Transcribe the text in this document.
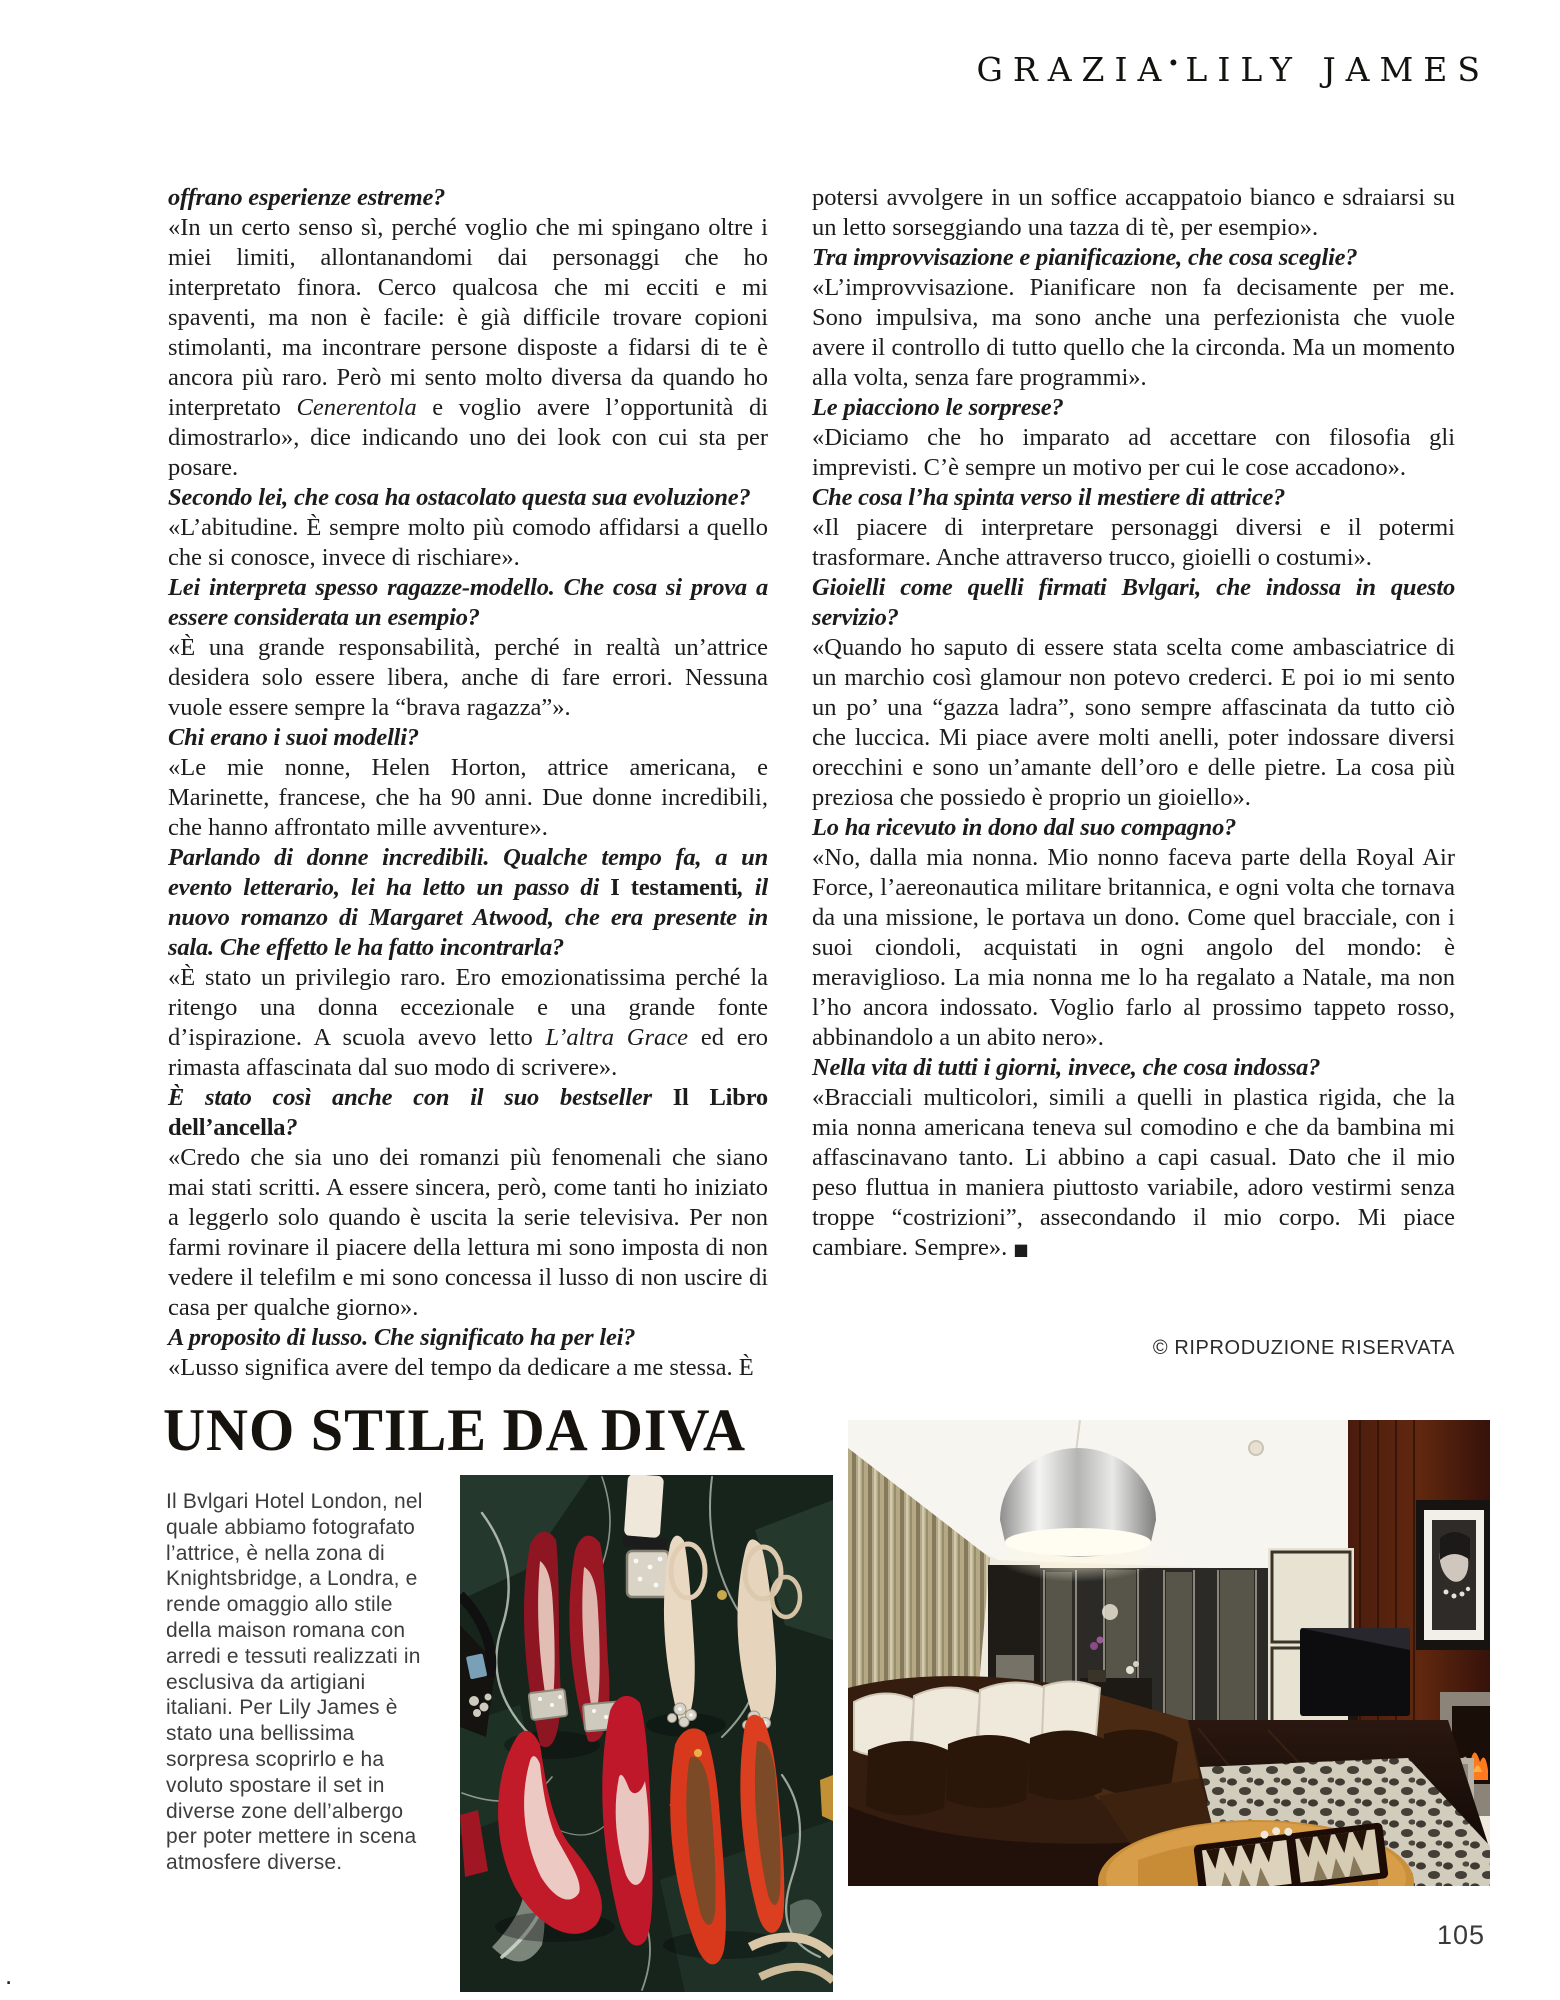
GRAZIA• LILY JAMES

offrano esperienze estreme?

«In un certo senso sì, perché voglio che mi spingano oltre i miei limiti, allontanandomi dai personaggi che ho interpretato finora. Cerco qualcosa che mi ecciti e mi spaventi, ma non è facile: è già difficile trovare copioni stimolanti, ma incontrare persone disposte a fidarsi di te è ancora più raro. Però mi sento molto diversa da quando ho interpretato Cenerentola e voglio avere l’opportunità di dimostrarlo», dice indicando uno dei look con cui sta per posare.

Secondo lei, che cosa ha ostacolato questa sua evoluzione?

«L’abitudine. È sempre molto più comodo affidarsi a quello che si conosce, invece di rischiare».

Lei interpreta spesso ragazze-modello. Che cosa si prova a essere considerata un esempio?

«È una grande responsabilità, perché in realtà un’attrice desidera solo essere libera, anche di fare errori. Nessuna vuole essere sempre la “brava ragazza”».

Chi erano i suoi modelli?

«Le mie nonne, Helen Horton, attrice americana, e Marinette, francese, che ha 90 anni. Due donne incredibili, che hanno affrontato mille avventure».

Parlando di donne incredibili. Qualche tempo fa, a un evento letterario, lei ha letto un passo di I testamenti, il nuovo romanzo di Margaret Atwood, che era presente in sala. Che effetto le ha fatto incontrarla?

«È stato un privilegio raro. Ero emozionatissima perché la ritengo una donna eccezionale e una grande fonte d’ispirazione. A scuola avevo letto L’altra Grace ed ero rimasta affascinata dal suo modo di scrivere».

È stato così anche con il suo bestseller Il Libro dell’ancella?

«Credo che sia uno dei romanzi più fenomenali che siano mai stati scritti. A essere sincera, però, come tanti ho iniziato a leggerlo solo quando è uscita la serie televisiva. Per non farmi rovinare il piacere della lettura mi sono imposta di non vedere il telefilm e mi sono concessa il lusso di non uscire di casa per qualche giorno».

A proposito di lusso. Che significato ha per lei?

«Lusso significa avere del tempo da dedicare a me stessa. È

potersi avvolgere in un soffice accappatoio bianco e sdraiarsi su un letto sorseggiando una tazza di tè, per esempio».

Tra improvvisazione e pianificazione, che cosa sceglie?

«L’improvvisazione. Pianificare non fa decisamente per me. Sono impulsiva, ma sono anche una perfezionista che vuole avere il controllo di tutto quello che la circonda. Ma un momento alla volta, senza fare programmi».

Le piacciono le sorprese?

«Diciamo che ho imparato ad accettare con filosofia gli imprevisti. C’è sempre un motivo per cui le cose accadono».

Che cosa l’ha spinta verso il mestiere di attrice?

«Il piacere di interpretare personaggi diversi e il potermi trasformare. Anche attraverso trucco, gioielli o costumi».

Gioielli come quelli firmati Bvlgari, che indossa in questo servizio?

«Quando ho saputo di essere stata scelta come ambasciatrice di un marchio così glamour non potevo crederci. E poi io mi sento un po’ una “gazza ladra”, sono sempre affascinata da tutto ciò che luccica. Mi piace avere molti anelli, poter indossare diversi orecchini e sono un’amante dell’oro e delle pietre. La cosa più preziosa che possiedo è proprio un gioiello».

Lo ha ricevuto in dono dal suo compagno?

«No, dalla mia nonna. Mio nonno faceva parte della Royal Air Force, l’aereonautica militare britannica, e ogni volta che tornava da una missione, le portava un dono. Come quel bracciale, con i suoi ciondoli, acquistati in ogni angolo del mondo: è meraviglioso. La mia nonna me lo ha regalato a Natale, ma non l’ho ancora indossato. Voglio farlo al prossimo tappeto rosso, abbinandolo a un abito nero».

Nella vita di tutti i giorni, invece, che cosa indossa?

«Bracciali multicolori, simili a quelli in plastica rigida, che la mia nonna americana teneva sul comodino e che da bambina mi affascinavano tanto. Li abbino a capi casual. Dato che il mio peso fluttua in maniera piuttosto variabile, adoro vestirmi senza troppe “costrizioni”, assecondando il mio corpo. Mi piace cambiare. Sempre». ■

© RIPRODUZIONE RISERVATA
UNO STILE DA DIVA
Il Bvlgari Hotel London, nel quale abbiamo fotografato l’attrice, è nella zona di Knightsbridge, a Londra, e rende omaggio allo stile della maison romana con arredi e tessuti realizzati in esclusiva da artigiani italiani. Per Lily James è stato una bellissima sorpresa scoprirlo e ha voluto spostare il set in diverse zone dell’albergo per poter mettere in scena atmosfere diverse.
105
.
